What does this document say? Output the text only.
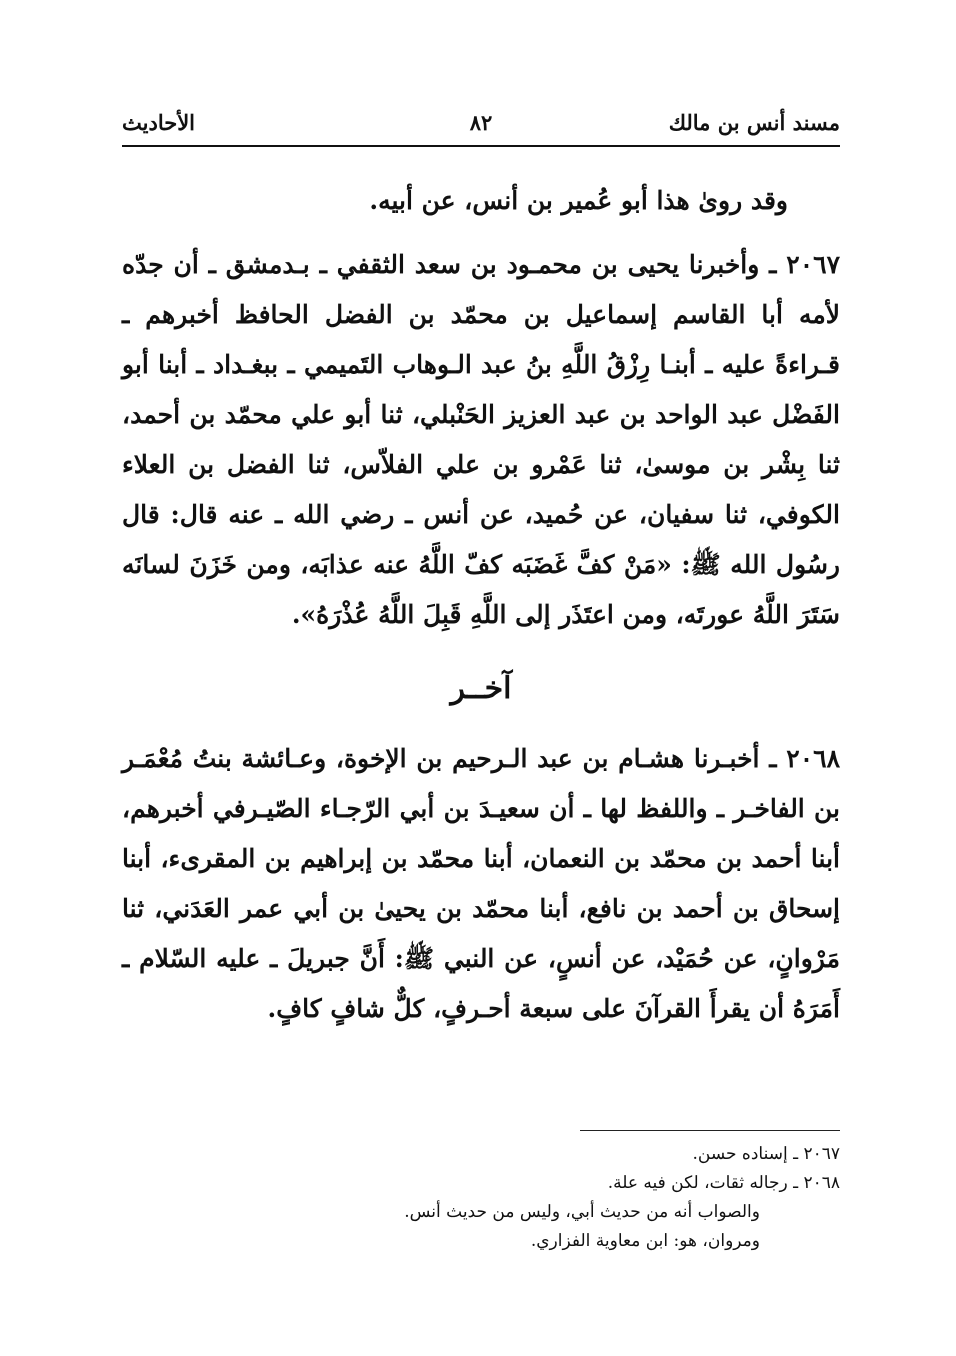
مسند أنس بن مالك
٨٢
الأحاديث

وقد روىٰ هذا أبو عُمير بن أنس، عن أبيه.

٢٠٦٧ ـ وأخبرنا يحيى بن محمـود بن سعد الثقفي ـ بـدمشق ـ أن جدّه لأمه أبا القاسم إسماعيل بن محمّد بن الفضل الحافظ أخبرهم ـ قـراءةً عليه ـ أبنـا رِزْقُ اللَّهِ بنُ عبد الـوهاب التَميمي ـ ببغـداد ـ أبنا أبو الفَضْل عبد الواحد بن عبد العزيز الحَنْبلي، ثنا أبو علي محمّد بن أحمد، ثنا بِشْر بن موسىٰ، ثنا عَمْرو بن علي الفلاّس، ثنا الفضل بن العلاء الكوفي، ثنا سفيان، عن حُميد، عن أنس ـ رضي الله ـ عنه قال: قال رسُول الله ﷺ: «مَنْ كفَّ غَضَبَه كفّ اللَّهُ عنه عذابَه، ومن خَزَنَ لسانَه سَتَرَ اللَّهُ عورتَه، ومن اعتَذَر إلى اللَّهِ قَبِلَ اللَّهُ عُذْرَهُ».

آخــر

٢٠٦٨ ـ أخبـرنا هشـام بن عبد الـرحيم بن الإخوة، وعـائشة بنتُ مُعْمَـر بن الفاخـر ـ واللفظ لها ـ أن سعيـدَ بن أبي الرّجـاء الصّيـرفي أخبرهم، أبنا أحمد بن محمّد بن النعمان، أبنا محمّد بن إبراهيم بن المقرىء، أبنا إسحاق بن أحمد بن نافع، أبنا محمّد بن يحيىٰ بن أبي عمر العَدَني، ثنا مَرْوانٍ، عن حُمَيْد، عن أنسٍ، عن النبي ﷺ: أَنَّ جبريلَ ـ عليه السّلام ـ أَمَرَهُ أن يقرأَ القرآنَ على سبعة أحـرفٍ، كلٌّ شافٍ كافٍ.

٢٠٦٧ ـ إسناده حسن.

٢٠٦٨ ـ رجاله ثقات، لكن فيه علة.

والصواب أنه من حديث أبي، وليس من حديث أنس.

ومروان، هو: ابن معاوية الفزاري.
